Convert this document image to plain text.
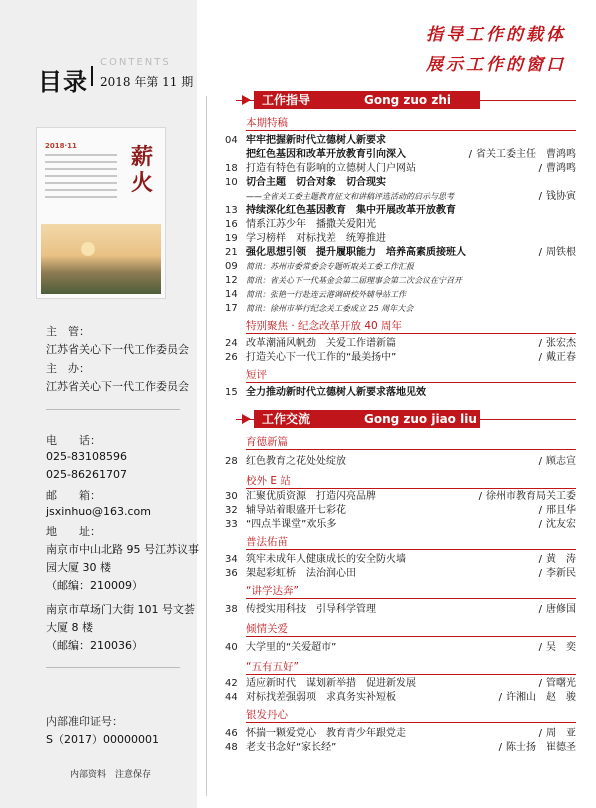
目录
CONTENTS
2018 年第 11 期
2018·11 薪火
主　管：
江苏省关心下一代工作委员会
主　办：
江苏省关心下一代工作委员会
电　　话：
025-83108596
025-86261707
邮　　箱：
jsxinhuo@163.com
地　　址：
南京市中山北路 95 号江苏议事
园大厦 30 楼
（邮编：210009）
南京市草场门大街 101 号文荟
大厦 8 楼
（邮编：210036）
内部准印证号：
S（2017）00000001
内部资料　注意保存
指导工作的载体
展示工作的窗口
工作指导	Gong zuo zhi dao
本期特稿
04 牢牢把握新时代立德树人新要求
把红色基因和改革开放教育引向深入	/ 省关工委主任　曹鸿鸣
18 打造有特色有影响的立德树人门户网站	/ 曹鸿鸣
10 切合主题　切合对象　切合现实
——全省关工委主题教育征文和讲稿评选活动的启示与思考	/ 钱协寅
13 持续深化红色基因教育　集中开展改革开放教育
16 情系江苏少年　播撒关爱阳光
19 学习榜样　对标找差　统筹推进
21 强化思想引领　提升履职能力　培养高素质接班人	/ 周铁根
09	简讯：苏州市委常委会专题听取关工委工作汇报
12	简讯：省关心下一代基金会第二届理事会第二次会议在宁召开
14	简讯：张艳一行赴连云港调研校外辅导站工作
17	简讯：徐州市举行纪念关工委成立 25 周年大会
特别聚焦 · 纪念改革开放 40 周年
24 改革潮涌风帆劲　关爱工作谱新篇	/ 张宏杰
26 打造关心下一代工作的“最美扬中”	/ 戴正春
短评
15 全力推动新时代立德树人新要求落地见效
工作交流	Gong zuo jiao liu
育德新篇
28 红色教育之花处处绽放	/ 顾志宣
校外 E 站
30 汇聚优质资源　打造闪亮品牌	/ 徐州市教育局关工委
32 辅导站着眼盛开七彩花	/ 邢且华
33 “四点半课堂”欢乐多	/ 沈友宏
普法佑苗
34 筑牢未成年人健康成长的安全防火墙	/ 黄　涛
36 架起彩虹桥　法治润心田	/ 李新民
“讲学达奔”
38 传授实用科技　引导科学管理	/ 唐修国
倾情关爱
40 大学里的“关爱超市”	/ 吴　奕
“五有五好”
42 适应新时代　谋划新举措　促进新发展	/ 管曙光
44 对标找差强弱项　求真务实补短板	/ 许湘山　赵　骏
银发丹心
46 怀揣一颗爱党心　教育青少年跟党走	/ 周　亚
48 老支书念好“家长经”	/ 陈士扬　崔德圣
